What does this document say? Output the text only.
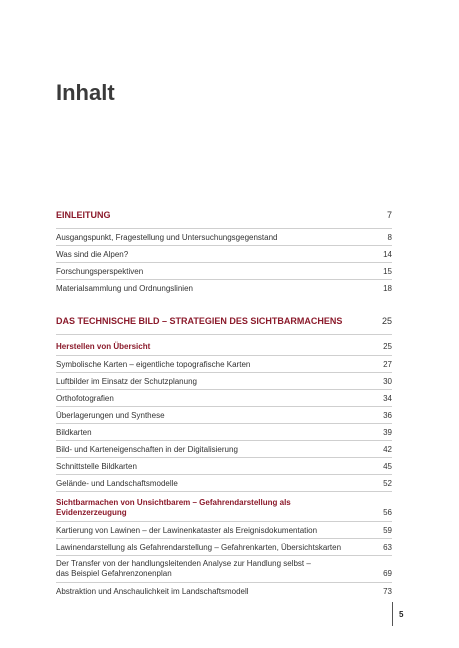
Inhalt
EINLEITUNG	7
Ausgangspunkt, Fragestellung und Untersuchungsgegenstand	8
Was sind die Alpen?	14
Forschungsperspektiven	15
Materialsammlung und Ordnungslinien	18
DAS TECHNISCHE BILD – STRATEGIEN DES SICHTBARMACHENS	25
Herstellen von Übersicht	25
Symbolische Karten – eigentliche topografische Karten	27
Luftbilder im Einsatz der Schutzplanung	30
Orthofotografien	34
Überlagerungen und Synthese	36
Bildkarten	39
Bild- und Karteneigenschaften in der Digitalisierung	42
Schnittstelle Bildkarten	45
Gelände- und Landschaftsmodelle	52
Sichtbarmachen von Unsichtbarem – Gefahrendarstellung als
Evidenzerzeugung	56
Kartierung von Lawinen – der Lawinenkataster als Ereignisdokumentation	59
Lawinendarstellung als Gefahrendarstellung – Gefahrenkarten, Übersichtskarten	63
Der Transfer von der handlungsleitenden Analyse zur Handlung selbst –
das Beispiel Gefahrenzonenplan	69
Abstraktion und Anschaulichkeit im Landschaftsmodell	73
5
